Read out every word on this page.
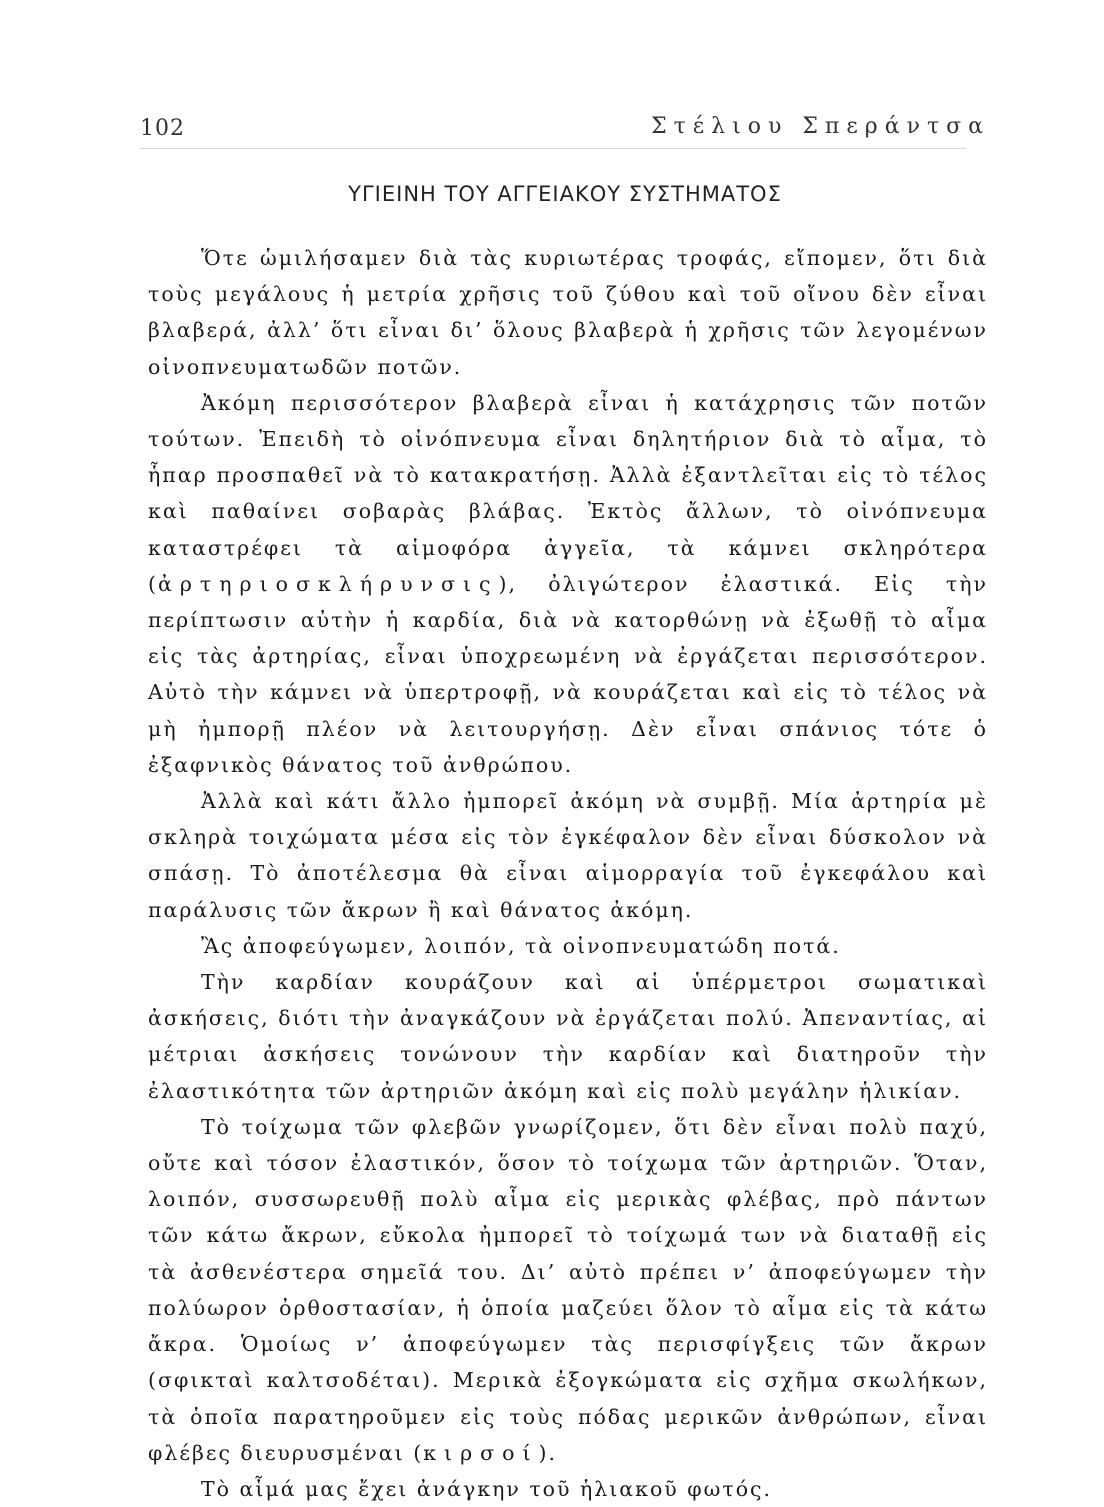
102	Στέλιου Σπεράντσα
ΥΓΙΕΙΝΗ ΤΟΥ ΑΓΓΕΙΑΚΟΥ ΣΥΣΤΗΜΑΤΟΣ

Ὅτε ὡμιλήσαμεν διὰ τὰς κυριωτέρας τροφάς, εἴπομεν, ὅτι διὰ τοὺς μεγάλους ἡ μετρία χρῆσις τοῦ ζύθου καὶ τοῦ οἴνου δὲν εἶναι βλαβερά, ἀλλ’ ὅτι εἶναι δι’ ὅλους βλαβερὰ ἡ χρῆσις τῶν λεγομένων οἰνοπνευματωδῶν ποτῶν.

Ἀκόμη περισσότερον βλαβερὰ εἶναι ἡ κατάχρησις τῶν ποτῶν τούτων. Ἐπειδὴ τὸ οἰνόπνευμα εἶναι δηλητήριον διὰ τὸ αἷμα, τὸ ἧπαρ προσπαθεῖ νὰ τὸ κατακρατήσῃ. Ἀλλὰ ἐξαντλεῖται εἰς τὸ τέλος καὶ παθαίνει σοβαρὰς βλάβας. Ἐκτὸς ἄλλων, τὸ οἰνόπνευμα καταστρέφει τὰ αἱμοφόρα ἀγγεῖα, τὰ κάμνει σκληρότερα (ἀρτηριοσκλήρυνσις), ὀλιγώτερον ἐλαστικά. Εἰς τὴν περίπτωσιν αὐτὴν ἡ καρδία, διὰ νὰ κατορθώνῃ νὰ ἐξωθῇ τὸ αἷμα εἰς τὰς ἀρτηρίας, εἶναι ὑποχρεωμένη νὰ ἐργάζεται περισσότερον. Αὐτὸ τὴν κάμνει νὰ ὑπερτροφῇ, νὰ κουράζεται καὶ εἰς τὸ τέλος νὰ μὴ ἠμπορῇ πλέον νὰ λειτουργήσῃ. Δὲν εἶναι σπάνιος τότε ὁ ἐξαφνικὸς θάνατος τοῦ ἀνθρώπου.

Ἀλλὰ καὶ κάτι ἄλλο ἠμπορεῖ ἀκόμη νὰ συμβῇ. Μία ἀρτηρία μὲ σκληρὰ τοιχώματα μέσα εἰς τὸν ἐγκέφαλον δὲν εἶναι δύσκολον νὰ σπάσῃ. Τὸ ἀποτέλεσμα θὰ εἶναι αἱμορραγία τοῦ ἐγκεφάλου καὶ παράλυσις τῶν ἄκρων ἢ καὶ θάνατος ἀκόμη.

Ἂς ἀποφεύγωμεν, λοιπόν, τὰ οἰνοπνευματώδη ποτά.

Τὴν καρδίαν κουράζουν καὶ αἱ ὑπέρμετροι σωματικαὶ ἀσκήσεις, διότι τὴν ἀναγκάζουν νὰ ἐργάζεται πολύ. Ἀπεναντίας, αἱ μέτριαι ἀσκήσεις τονώνουν τὴν καρδίαν καὶ διατηροῦν τὴν ἐλαστικότητα τῶν ἀρτηριῶν ἀκόμη καὶ εἰς πολὺ μεγάλην ἡλικίαν.

Τὸ τοίχωμα τῶν φλεβῶν γνωρίζομεν, ὅτι δὲν εἶναι πολὺ παχύ, οὔτε καὶ τόσον ἐλαστικόν, ὅσον τὸ τοίχωμα τῶν ἀρτηριῶν. Ὅταν, λοιπόν, συσσωρευθῇ πολὺ αἷμα εἰς μερικὰς φλέβας, πρὸ πάντων τῶν κάτω ἄκρων, εὔκολα ἠμπορεῖ τὸ τοίχωμά των νὰ διαταθῇ εἰς τὰ ἀσθενέστερα σημεῖά του. Δι’ αὐτὸ πρέπει ν’ ἀποφεύγωμεν τὴν πολύωρον ὀρθοστασίαν, ἡ ὁποία μαζεύει ὅλον τὸ αἷμα εἰς τὰ κάτω ἄκρα. Ὁμοίως ν’ ἀποφεύγωμεν τὰς περισφίγξεις τῶν ἄκρων (σφικταὶ καλτσοδέται). Μερικὰ ἐξογκώματα εἰς σχῆμα σκωλήκων, τὰ ὁποῖα παρατηροῦμεν εἰς τοὺς πόδας μερικῶν ἀνθρώπων, εἶναι φλέβες διευρυσμέναι (κιρσοί).

Τὸ αἷμά μας ἔχει ἀνάγκην τοῦ ἡλιακοῦ φωτός.
